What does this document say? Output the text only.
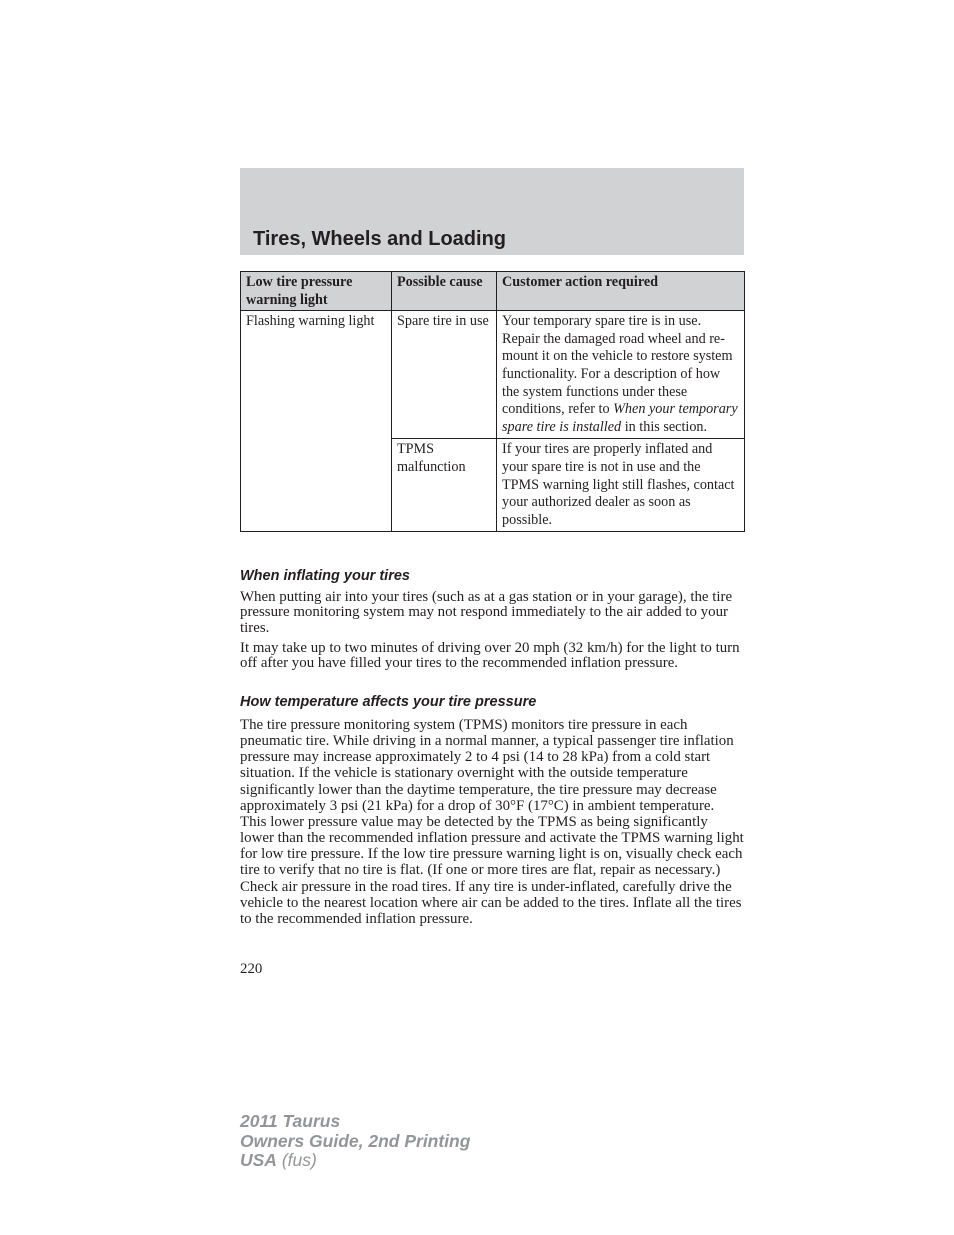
Tires, Wheels and Loading
Low tire pressure warning light	Possible cause	Customer action required
Flashing warning light	Spare tire in use	Your temporary spare tire is in use. Repair the damaged road wheel and re-mount it on the vehicle to restore system functionality. For a description of how the system functions under these conditions, refer to When your temporary spare tire is installed in this section.
	TPMS malfunction	If your tires are properly inflated and your spare tire is not in use and the TPMS warning light still flashes, contact your authorized dealer as soon as possible.
When inflating your tires

When putting air into your tires (such as at a gas station or in your garage), the tire pressure monitoring system may not respond immediately to the air added to your tires.

It may take up to two minutes of driving over 20 mph (32 km/h) for the light to turn off after you have filled your tires to the recommended inflation pressure.

How temperature affects your tire pressure

The tire pressure monitoring system (TPMS) monitors tire pressure in each pneumatic tire. While driving in a normal manner, a typical passenger tire inflation pressure may increase approximately 2 to 4 psi (14 to 28 kPa) from a cold start situation. If the vehicle is stationary overnight with the outside temperature significantly lower than the daytime temperature, the tire pressure may decrease approximately 3 psi (21 kPa) for a drop of 30°F (17°C) in ambient temperature. This lower pressure value may be detected by the TPMS as being significantly lower than the recommended inflation pressure and activate the TPMS warning light for low tire pressure. If the low tire pressure warning light is on, visually check each tire to verify that no tire is flat. (If one or more tires are flat, repair as necessary.) Check air pressure in the road tires. If any tire is under-inflated, carefully drive the vehicle to the nearest location where air can be added to the tires. Inflate all the tires to the recommended inflation pressure.

220
2011 Taurus
Owners Guide, 2nd Printing
USA (fus)
